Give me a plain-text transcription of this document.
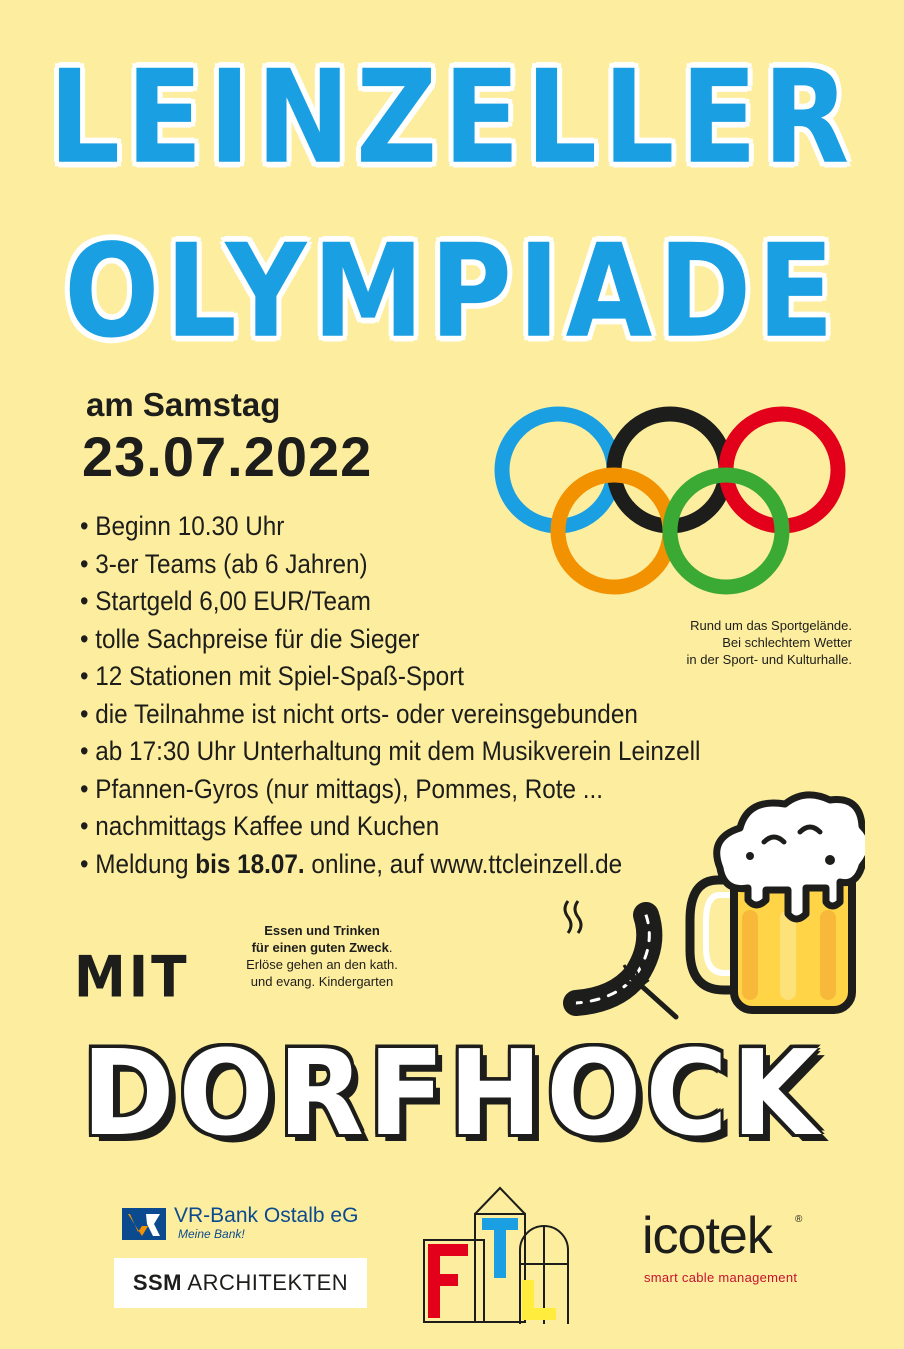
LEINZELLER
OLYMPIADE
am Samstag
23.07.2022
Rund um das Sportgelände.
Bei schlechtem Wetter
in der Sport- und Kulturhalle.
• Beginn 10.30 Uhr
• 3-er Teams (ab 6 Jahren)
• Startgeld 6,00 EUR/Team
• tolle Sachpreise für die Sieger
• 12 Stationen mit Spiel-Spaß-Sport
• die Teilnahme ist nicht orts- oder vereinsgebunden
• ab 17:30 Uhr Unterhaltung mit dem Musikverein Leinzell
• Pfannen-Gyros (nur mittags), Pommes, Rote ...
• nachmittags Kaffee und Kuchen
• Meldung bis 18.07. online, auf www.ttcleinzell.de
MIT
Essen und Trinken
für einen guten Zweck.
Erlöse gehen an den kath.
und evang. Kindergarten
DORFHOCK
VR-Bank Ostalb eG
Meine Bank!
SSM ARCHITEKTEN
icotek ®
smart cable management
